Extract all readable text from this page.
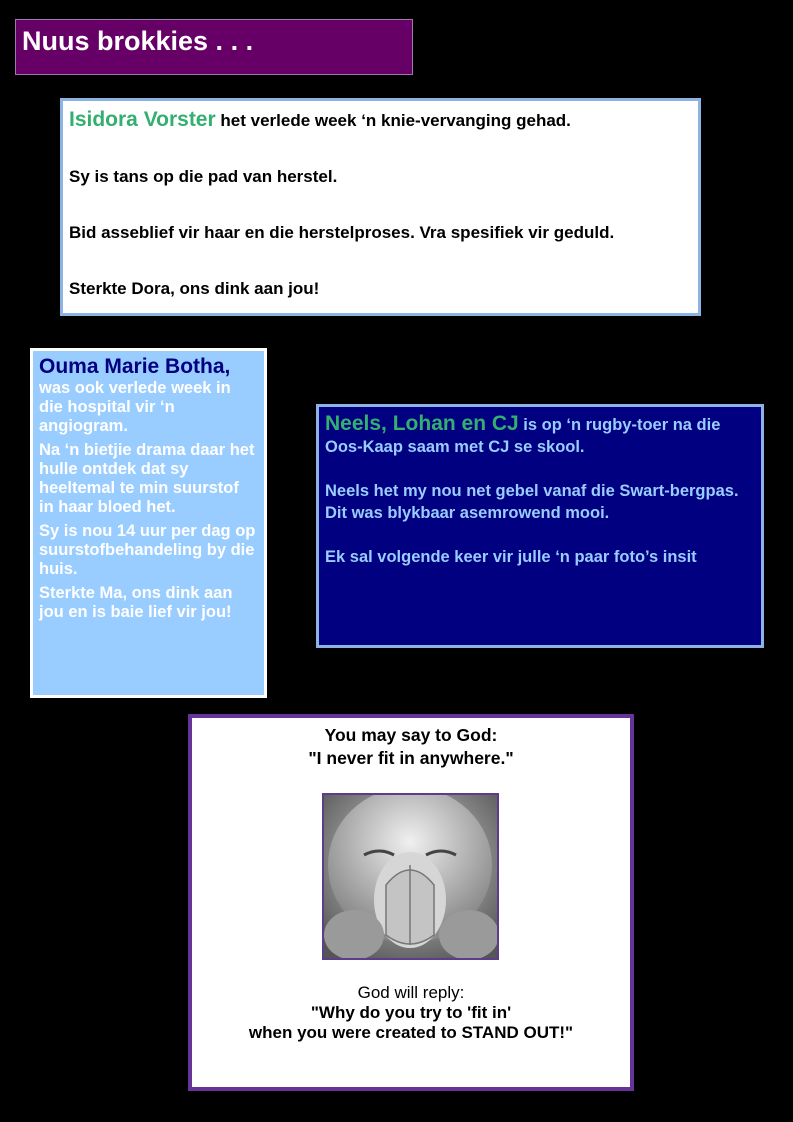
Nuus brokkies . . .

Isidora Vorster het verlede week ‘n knie-vervanging gehad.

Sy is tans op die pad van herstel.

Bid asseblief vir haar en die herstelproses. Vra spesifiek vir geduld.

Sterkte Dora, ons dink aan jou!

Ouma Marie Botha,

was ook verlede week in die hospital vir ‘n angiogram.

Na ‘n bietjie drama daar het hulle ontdek dat sy heeltemal te min suurstof in haar bloed het.

Sy is nou 14 uur per dag op suurstofbehandeling by die huis.

Sterkte Ma, ons dink aan jou en is baie lief vir jou!

Neels, Lohan en CJ is op ‘n rugby-toer na die Oos-Kaap saam met CJ se skool.

Neels het my nou net gebel vanaf die Swart-bergpas. Dit was blykbaar asemrowend mooi.

Ek sal volgende keer vir julle ‘n paar foto’s insit

You may say to God:
"I never fit in anywhere."
God will reply:
"Why do you try to 'fit in'
when you were created to STAND OUT!"
